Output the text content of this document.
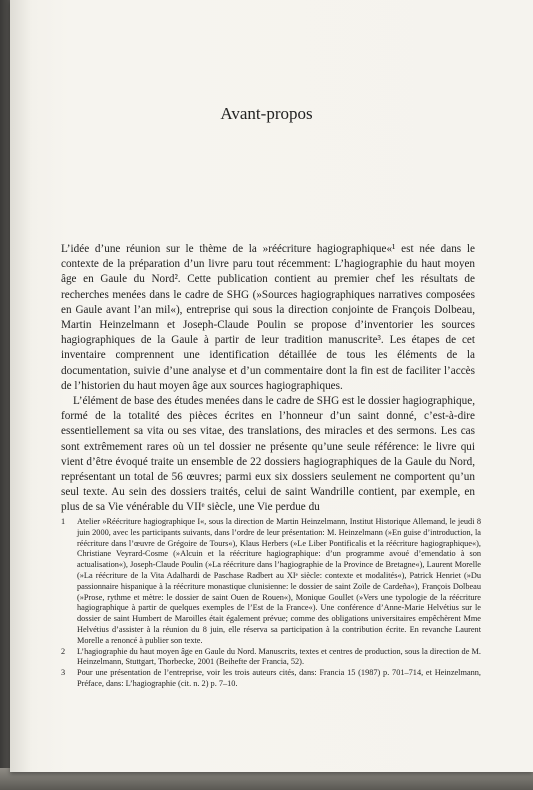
Avant-propos

L’idée d’une réunion sur le thème de la »réécriture hagiographique«¹ est née dans le contexte de la préparation d’un livre paru tout récemment: L’hagiographie du haut moyen âge en Gaule du Nord². Cette publication contient au premier chef les résultats de recherches menées dans le cadre de SHG (»Sources hagiographiques narratives composées en Gaule avant l’an mil«), entreprise qui sous la direction conjointe de François Dolbeau, Martin Heinzelmann et Joseph-Claude Poulin se propose d’inventorier les sources hagiographiques de la Gaule à partir de leur tradition manuscrite³. Les étapes de cet inventaire comprennent une identification détaillée de tous les éléments de la documentation, suivie d’une analyse et d’un commentaire dont la fin est de faciliter l’accès de l’historien du haut moyen âge aux sources hagiographiques.

L’élément de base des études menées dans le cadre de SHG est le dossier hagiographique, formé de la totalité des pièces écrites en l’honneur d’un saint donné, c’est-à-dire essentiellement sa vita ou ses vitae, des translations, des miracles et des sermons. Les cas sont extrêmement rares où un tel dossier ne présente qu’une seule référence: le livre qui vient d’être évoqué traite un ensemble de 22 dossiers hagiographiques de la Gaule du Nord, représentant un total de 56 œuvres; parmi eux six dossiers seulement ne comportent qu’un seul texte. Au sein des dossiers traités, celui de saint Wandrille contient, par exemple, en plus de sa Vie vénérable du VIIᵉ siècle, une Vie perdue du

1 Atelier »Réécriture hagiographique I«, sous la direction de Martin Heinzelmann, Institut Historique Allemand, le jeudi 8 juin 2000, avec les participants suivants, dans l’ordre de leur présentation: M. Heinzelmann (»En guise d’introduction, la réécriture dans l’œuvre de Grégoire de Tours«), Klaus Herbers (»Le Liber Pontificalis et la réécriture hagiographique«), Christiane Veyrard-Cosme (»Alcuin et la réécriture hagiographique: d’un programme avoué d’emendatio à son actualisation«), Joseph-Claude Poulin (»La réécriture dans l’hagiographie de la Province de Bretagne«), Laurent Morelle (»La réécriture de la Vita Adalhardi de Paschase Radbert au XIᵉ siècle: contexte et modalités«), Patrick Henriet (»Du passionnaire hispanique à la réécriture monastique clunisienne: le dossier de saint Zoïle de Cardeña«), François Dolbeau (»Prose, rythme et mètre: le dossier de saint Ouen de Rouen«), Monique Goullet (»Vers une typologie de la réécriture hagiographique à partir de quelques exemples de l’Est de la France«). Une conférence d’Anne-Marie Helvétius sur le dossier de saint Humbert de Maroilles était également prévue; comme des obligations universitaires empêchèrent Mme Helvétius d’assister à la réunion du 8 juin, elle réserva sa participation à la contribution écrite. En revanche Laurent Morelle a renoncé à publier son texte.
2 L’hagiographie du haut moyen âge en Gaule du Nord. Manuscrits, textes et centres de production, sous la direction de M. Heinzelmann, Stuttgart, Thorbecke, 2001 (Beihefte der Francia, 52).
3 Pour une présentation de l’entreprise, voir les trois auteurs cités, dans: Francia 15 (1987) p. 701–714, et Heinzelmann, Préface, dans: L’hagiographie (cit. n. 2) p. 7–10.
